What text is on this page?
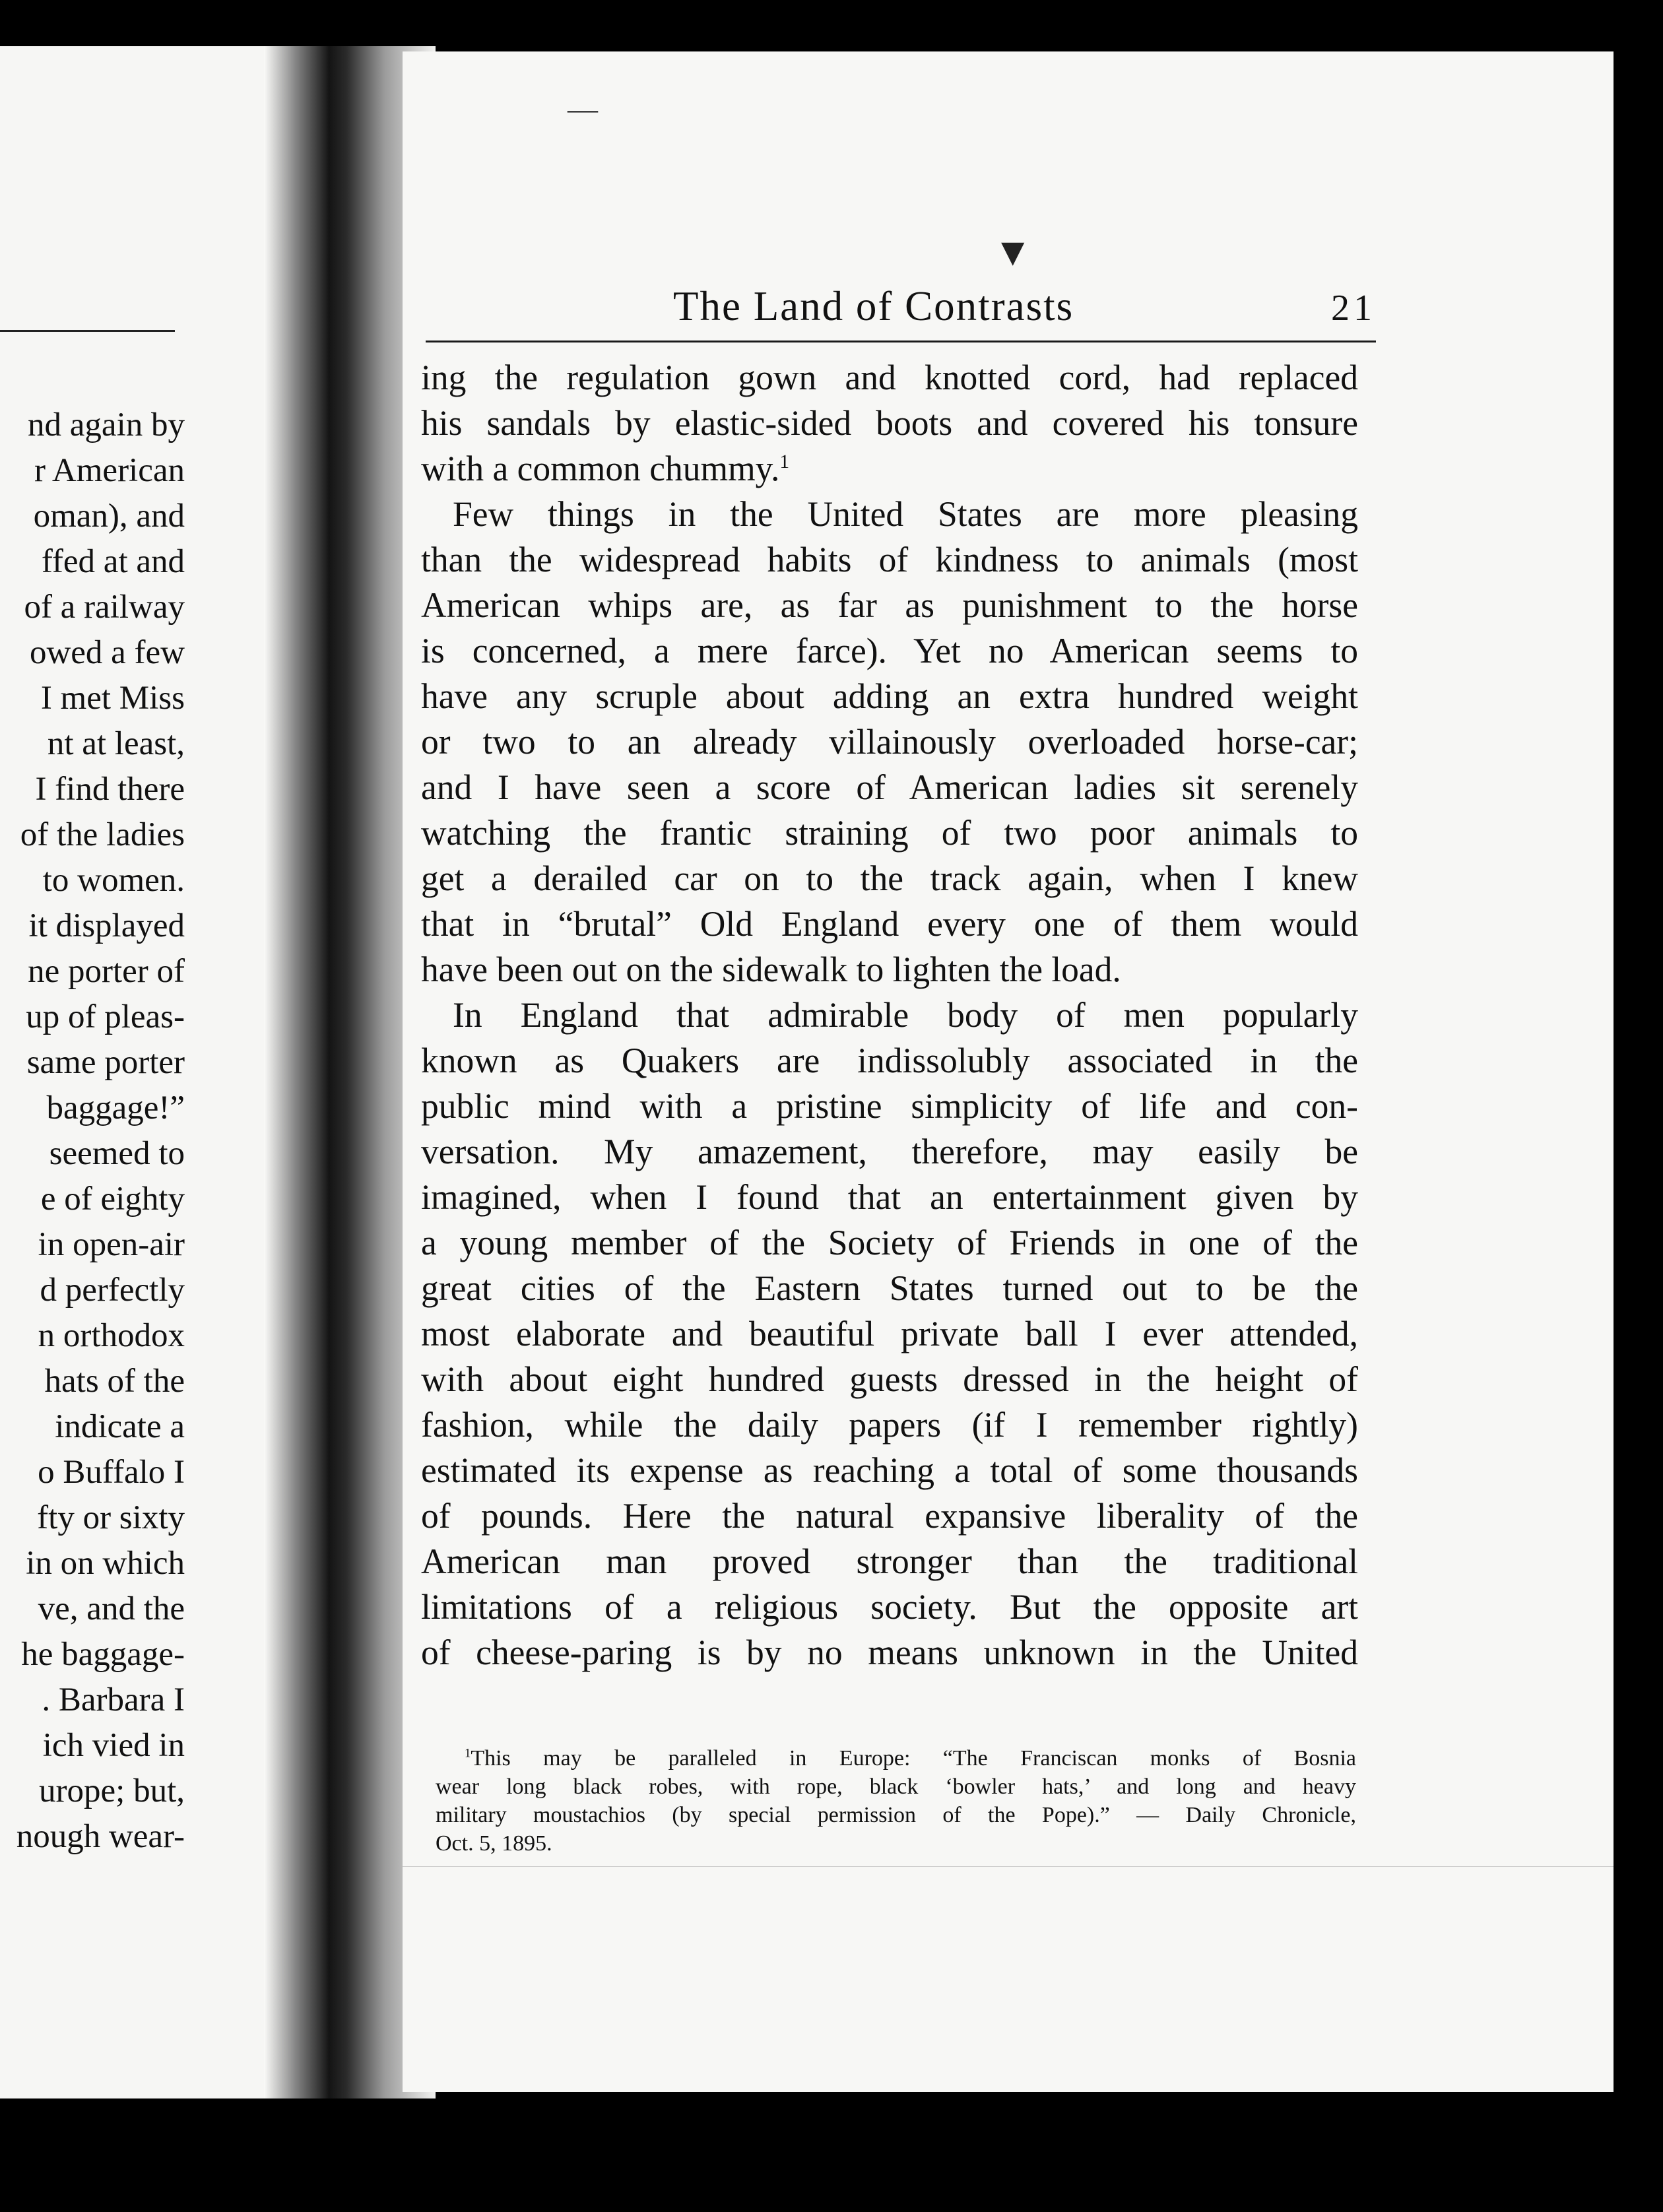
nd again by
r American
oman), and
ffed at and
of a railway
owed a few
I met Miss
nt at least,
I find there
of the ladies
to women.
it displayed
ne porter of
up of pleas-
same porter
baggage!”
seemed to
e of eighty
in open-air
d perfectly
n orthodox
hats of the
indicate a
o Buffalo I
fty or sixty
in on which
ve, and the
he baggage-
. Barbara I
ich vied in
urope; but,
nough wear-
―
▼
The Land of Contrasts	21
ing the regulation gown and knotted cord, had replaced
his sandals by elastic-sided boots and covered his tonsure
with a common chummy.$^1$
Few things in the United States are more pleasing
than the widespread habits of kindness to animals (most
American whips are, as far as punishment to the horse
is concerned, a mere farce). Yet no American seems to
have any scruple about adding an extra hundred weight
or two to an already villainously overloaded horse-car;
and I have seen a score of American ladies sit serenely
watching the frantic straining of two poor animals to
get a derailed car on to the track again, when I knew
that in “brutal” Old England every one of them would
have been out on the sidewalk to lighten the load.
In England that admirable body of men popularly
known as Quakers are indissolubly associated in the
public mind with a pristine simplicity of life and con-
versation. My amazement, therefore, may easily be
imagined, when I found that an entertainment given by
a young member of the Society of Friends in one of the
great cities of the Eastern States turned out to be the
most elaborate and beautiful private ball I ever attended,
with about eight hundred guests dressed in the height of
fashion, while the daily papers (if I remember rightly)
estimated its expense as reaching a total of some thousands
of pounds. Here the natural expansive liberality of the
American man proved stronger than the traditional
limitations of a religious society. But the opposite art
of cheese-paring is by no means unknown in the United
$^1$This may be paralleled in Europe: “The Franciscan monks of Bosnia
wear long black robes, with rope, black ‘bowler hats,’ and long and heavy
military moustachios (by special permission of the Pope).” — Daily Chronicle,
Oct. 5, 1895.
